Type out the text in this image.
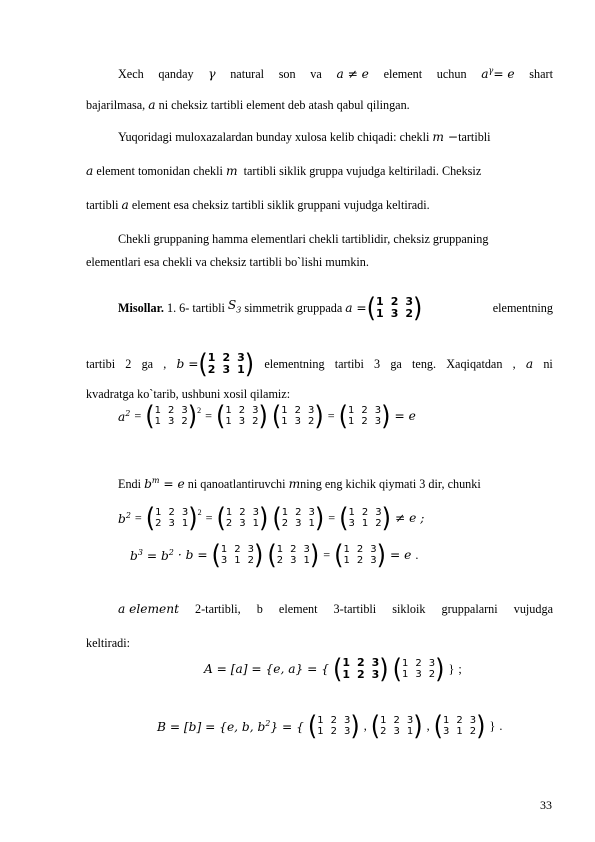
Xech qanday γ natural son va a ≠ e element uchun $a^\gamma= e$ shart
bajarilmasa, a ni cheksiz tartibli element deb atash qabul qilingan.
Yuqoridagi muloxazalardan bunday xulosa kelib chiqadi: chekli m −tartibli
a element tomonidan chekli m tartibli siklik gruppa vujudga keltiriladi. Cheksiz
tartibli a element esa cheksiz tartibli siklik gruppani vujudga keltiradi.
Chekli gruppaning hamma elementlari chekli tartiblidir, cheksiz gruppaning
elementlari esa chekli va cheksiz tartibli bo`lishi mumkin.
Misollar.
1. 6- tartibli
$S_3$
simmetrik gruppada
a = ( 1 2 3
1 3 2 )	elementning
tartibi 2 ga , b = ( 1 2 3
2 3 1 ) elementning tartibi 3 ga teng. Xaqiqatdan , a ni
kvadratga ko`tarib, ushbuni xosil qilamiz:
$a^2$ = ( 1 2 3
1 3 2 )$^2$ = ( 1 2 3
1 3 2 ) ( 1 2 3
1 3 2 ) = ( 1 2 3
1 2 3 ) = e
Endi $b^m = e$ ni qanoatlantiruvchi mning eng kichik qiymati 3 dir, chunki
$b^2$ = ( 1 2 3
2 3 1 )$^2$ = ( 1 2 3
2 3 1 ) ( 1 2 3
2 3 1 ) = ( 1 2 3
3 1 2 ) ≠ e ;
$b^3 = b^2 \cdot b$ = ( 1 2 3
3 1 2 ) ( 1 2 3
2 3 1 ) = ( 1 2 3
1 2 3 ) = e .
a element 2-tartibli, b element 3-tartibli sikloik gruppalarni vujudga
keltiradi:
A = [a] = {e, a} = { ( 1 2 3
1 2 3 ) ( 1 2 3
1 3 2 ) } ;
B = [b] = {e, b, $b^2$} = { ( 1 2 3
1 2 3 ) , ( 1 2 3
2 3 1 ) , ( 1 2 3
3 1 2 ) } .
33
